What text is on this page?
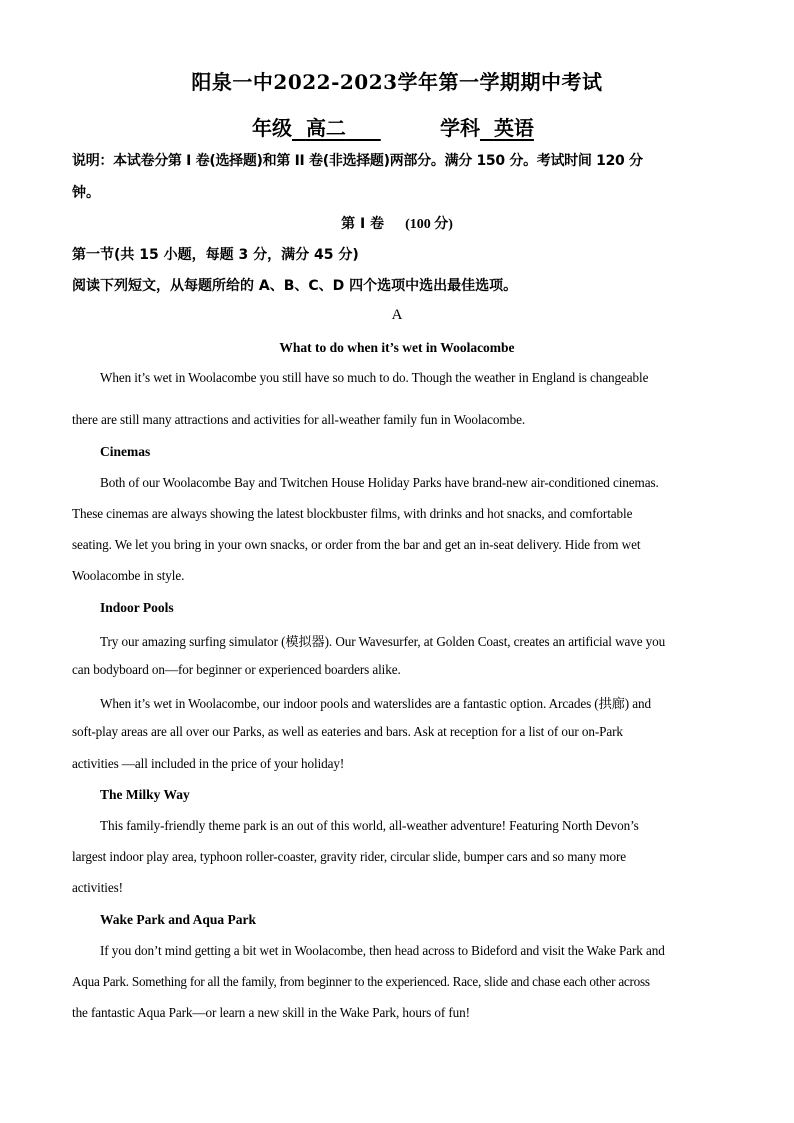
阳泉一中2022-2023学年第一学期期中考试
年级 高二	学科 英语
说明：本试卷分第 I 卷(选择题)和第 II 卷(非选择题)两部分。满分 150 分。考试时间 120 分
钟。
第 I 卷 (100 分)
第一节(共 15 小题，每题 3 分，满分 45 分)
阅读下列短文，从每题所给的 A、B、C、D 四个选项中选出最佳选项。
A
What to do when it’s wet in Woolacombe
When it’s wet in Woolacombe you still have so much to do. Though the weather in England is changeable
there are still many attractions and activities for all-weather family fun in Woolacombe.
Cinemas
Both of our Woolacombe Bay and Twitchen House Holiday Parks have brand-new air-conditioned cinemas.
These cinemas are always showing the latest blockbuster films, with drinks and hot snacks, and comfortable
seating. We let you bring in your own snacks, or order from the bar and get an in-seat delivery. Hide from wet
Woolacombe in style.
Indoor Pools
Try our amazing surfing simulator (模拟器). Our Wavesurfer, at Golden Coast, creates an artificial wave you
can bodyboard on—for beginner or experienced boarders alike.
When it’s wet in Woolacombe, our indoor pools and waterslides are a fantastic option. Arcades (拱廊) and
soft-play areas are all over our Parks, as well as eateries and bars. Ask at reception for a list of our on-Park
activities —all included in the price of your holiday!
The Milky Way
This family-friendly theme park is an out of this world, all-weather adventure! Featuring North Devon’s
largest indoor play area, typhoon roller-coaster, gravity rider, circular slide, bumper cars and so many more
activities!
Wake Park and Aqua Park
If you don’t mind getting a bit wet in Woolacombe, then head across to Bideford and visit the Wake Park and
Aqua Park. Something for all the family, from beginner to the experienced. Race, slide and chase each other across
the fantastic Aqua Park—or learn a new skill in the Wake Park, hours of fun!
